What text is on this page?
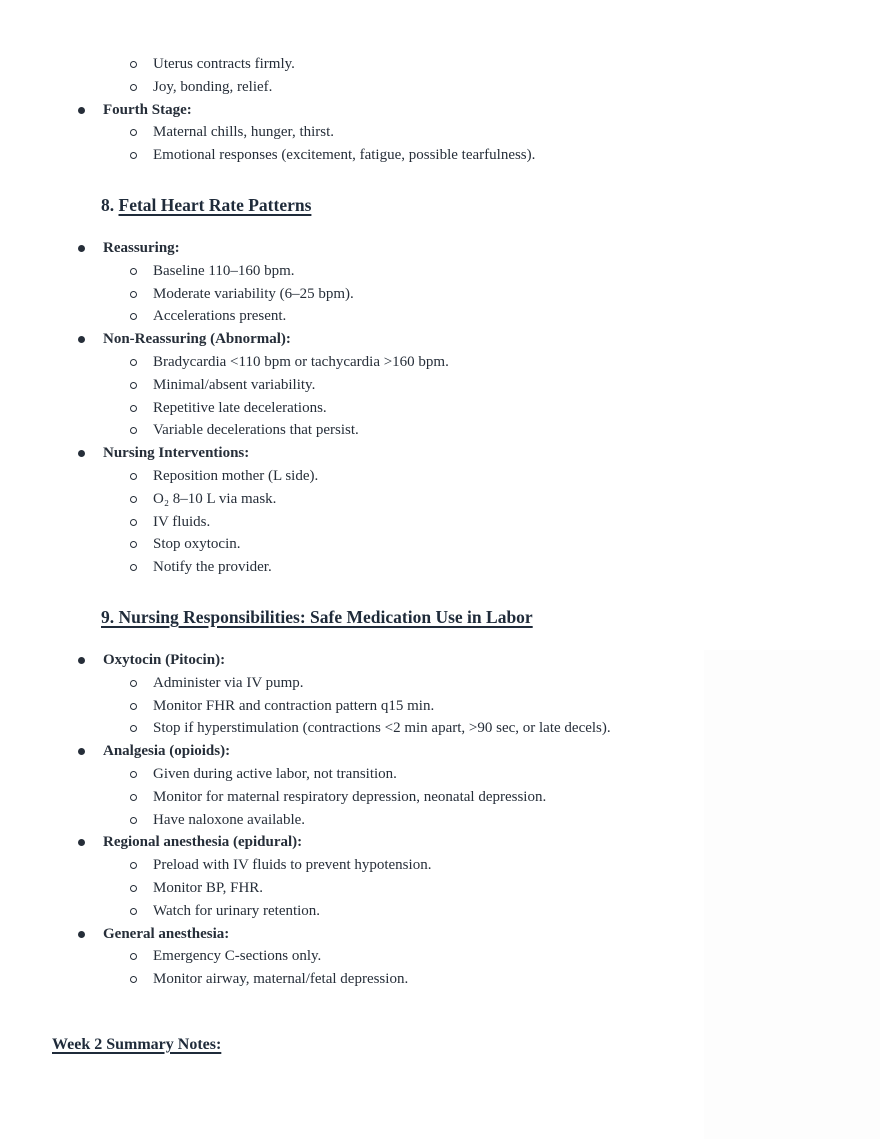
Uterus contracts firmly.
Joy, bonding, relief.
Fourth Stage:
Maternal chills, hunger, thirst.
Emotional responses (excitement, fatigue, possible tearfulness).
8. Fetal Heart Rate Patterns
Reassuring:
Baseline 110–160 bpm.
Moderate variability (6–25 bpm).
Accelerations present.
Non-Reassuring (Abnormal):
Bradycardia <110 bpm or tachycardia >160 bpm.
Minimal/absent variability.
Repetitive late decelerations.
Variable decelerations that persist.
Nursing Interventions:
Reposition mother (L side).
O₂ 8–10 L via mask.
IV fluids.
Stop oxytocin.
Notify the provider.
9. Nursing Responsibilities: Safe Medication Use in Labor
Oxytocin (Pitocin):
Administer via IV pump.
Monitor FHR and contraction pattern q15 min.
Stop if hyperstimulation (contractions <2 min apart, >90 sec, or late decels).
Analgesia (opioids):
Given during active labor, not transition.
Monitor for maternal respiratory depression, neonatal depression.
Have naloxone available.
Regional anesthesia (epidural):
Preload with IV fluids to prevent hypotension.
Monitor BP, FHR.
Watch for urinary retention.
General anesthesia:
Emergency C-sections only.
Monitor airway, maternal/fetal depression.
Week 2 Summary Notes:
